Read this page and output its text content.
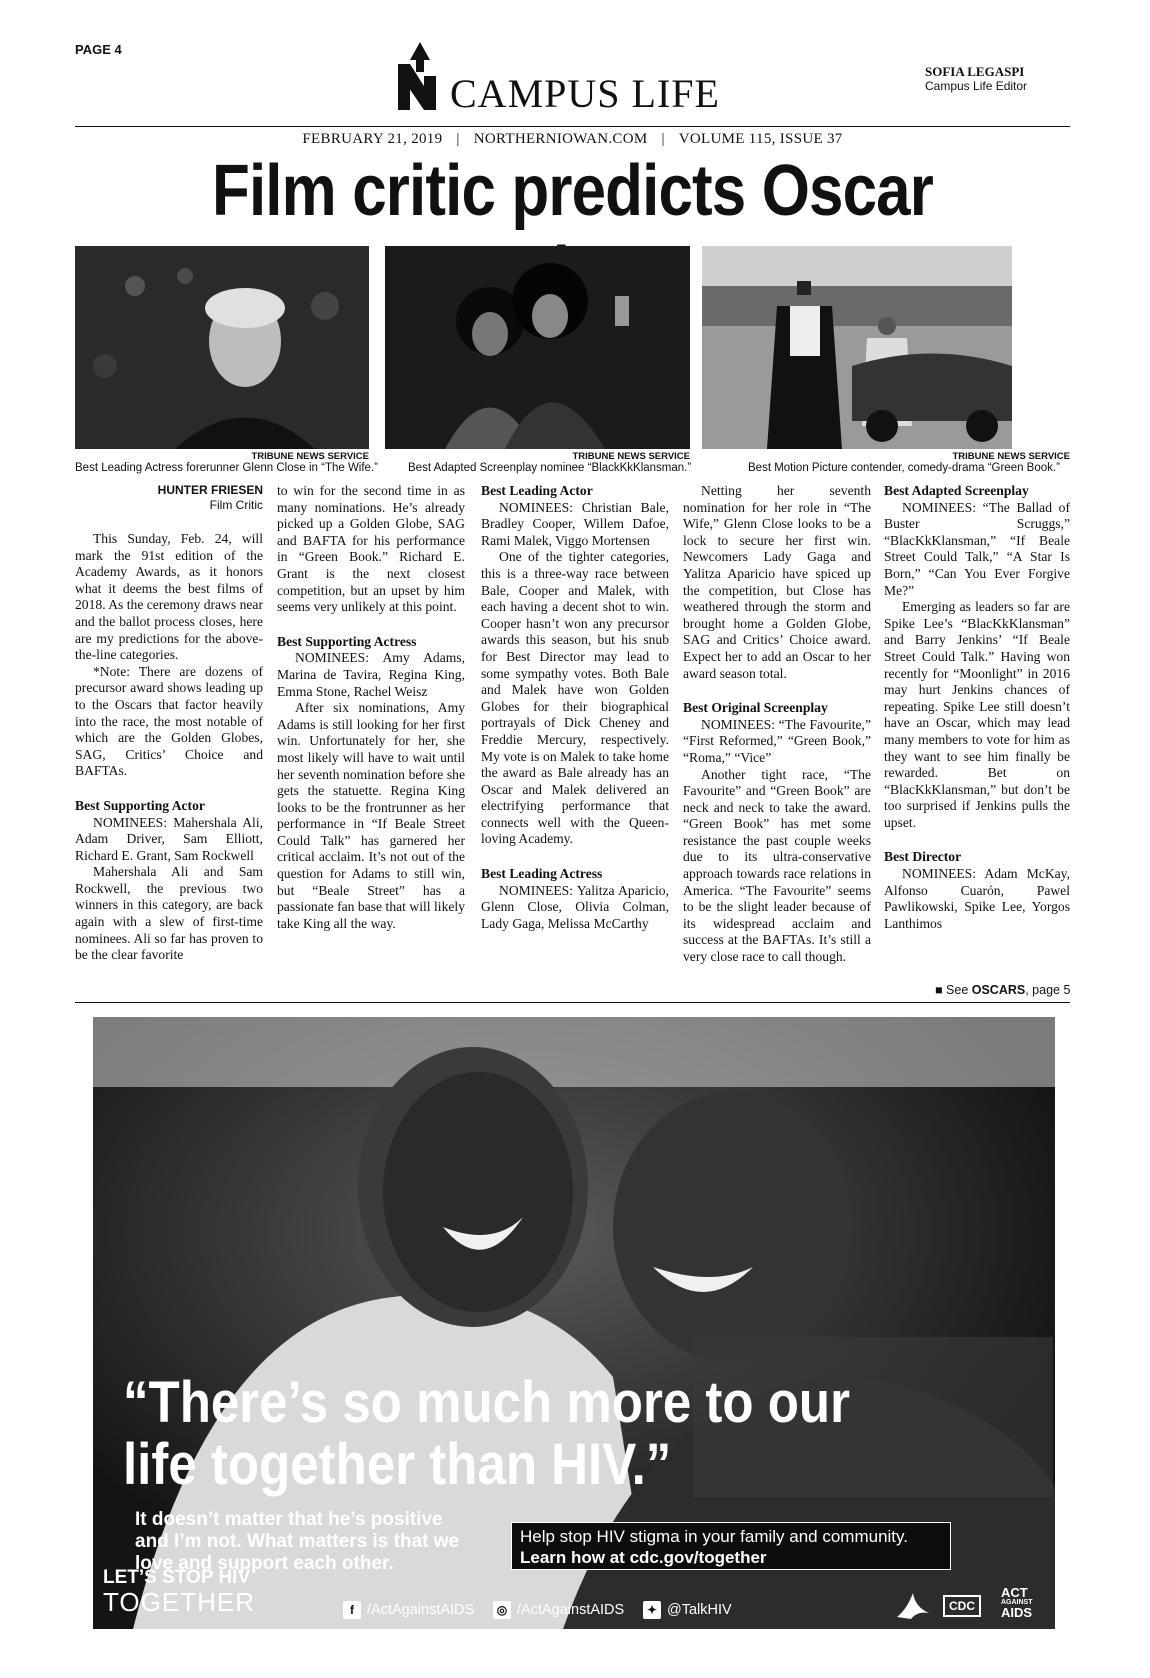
PAGE 4
CAMPUS LIFE	SOFIA LEGASPI
Campus Life Editor
FEBRUARY 21, 2019 | NORTHERNIOWAN.COM | VOLUME 115, ISSUE 37
Film critic predicts Oscar
TRIBUNE NEWS SERVICE	TRIBUNE NEWS SERVICE	TRIBUNE NEWS SERVICE
Best Leading Actress forerunner Glenn Close in “The Wife.”	Best Adapted Screenplay nominee “BlackKkKlansman.”	Best Motion Picture contender, comedy-drama “Green Book.”
HUNTER FRIESEN
Film Critic

This Sunday, Feb. 24, will mark the 91st edition of the Academy Awards, as it honors what it deems the best films of 2018. As the ceremony draws near and the ballot process closes, here are my predictions for the above-the-line categories.

*Note: There are dozens of precursor award shows leading up to the Oscars that factor heavily into the race, the most notable of which are the Golden Globes, SAG, Critics’ Choice and BAFTAs.

Best Supporting Actor

NOMINEES: Mahershala Ali, Adam Driver, Sam Elliott, Richard E. Grant, Sam Rockwell

Mahershala Ali and Sam Rockwell, the previous two winners in this category, are back again with a slew of first-time nominees. Ali so far has proven to be the clear favorite

to win for the second time in as many nominations. He’s already picked up a Golden Globe, SAG and BAFTA for his performance in “Green Book.” Richard E. Grant is the next closest competition, but an upset by him seems very unlikely at this point.

Best Supporting Actress

NOMINEES: Amy Adams, Marina de Tavira, Regina King, Emma Stone, Rachel Weisz

After six nominations, Amy Adams is still looking for her first win. Unfortunately for her, she most likely will have to wait until her seventh nomination before she gets the statuette. Regina King looks to be the frontrunner as her performance in “If Beale Street Could Talk” has garnered her critical acclaim. It’s not out of the question for Adams to still win, but “Beale Street” has a passionate fan base that will likely take King all the way.

Best Leading Actor

NOMINEES: Christian Bale, Bradley Cooper, Willem Dafoe, Rami Malek, Viggo Mortensen

One of the tighter categories, this is a three-way race between Bale, Cooper and Malek, with each having a decent shot to win. Cooper hasn’t won any precursor awards this season, but his snub for Best Director may lead to some sympathy votes. Both Bale and Malek have won Golden Globes for their biographical portrayals of Dick Cheney and Freddie Mercury, respectively. My vote is on Malek to take home the award as Bale already has an Oscar and Malek delivered an electrifying performance that connects well with the Queen-loving Academy.

Best Leading Actress

NOMINEES: Yalitza Aparicio, Glenn Close, Olivia Colman, Lady Gaga, Melissa McCarthy

Netting her seventh nomination for her role in “The Wife,” Glenn Close looks to be a lock to secure her first win. Newcomers Lady Gaga and Yalitza Aparicio have spiced up the competition, but Close has weathered through the storm and brought home a Golden Globe, SAG and Critics’ Choice award. Expect her to add an Oscar to her award season total.

Best Original Screenplay

NOMINEES: “The Favourite,” “First Reformed,” “Green Book,” “Roma,” “Vice”

Another tight race, “The Favourite” and “Green Book” are neck and neck to take the award. “Green Book” has met some resistance the past couple weeks due to its ultra-conservative approach towards race relations in America. “The Favourite” seems to be the slight leader because of its widespread acclaim and success at the BAFTAs. It’s still a very close race to call though.

Best Adapted Screenplay

NOMINEES: “The Ballad of Buster Scruggs,” “BlacKkKlansman,” “If Beale Street Could Talk,” “A Star Is Born,” “Can You Ever Forgive Me?”

Emerging as leaders so far are Spike Lee’s “BlacKkKlansman” and Barry Jenkins’ “If Beale Street Could Talk.” Having won recently for “Moonlight” in 2016 may hurt Jenkins chances of repeating. Spike Lee still doesn’t have an Oscar, which may lead many members to vote for him as they want to see him finally be rewarded. Bet on “BlacKkKlansman,” but don’t be too surprised if Jenkins pulls the upset.

Best Director

NOMINEES: Adam McKay, Alfonso Cuarón, Pawel Pawlikowski, Spike Lee, Yorgos Lanthimos

■ See OSCARS, page 5
“There’s so much more to our
life together than HIV.”
It doesn’t matter that he’s positive and I’m not. What matters is that we love and support each other.
Help stop HIV stigma in your family and community.
Learn how at cdc.gov/together
LET’S STOP HIV
TOGETHER	f /ActAgainstAIDS	◎ /ActAgainstAIDS	✦ @TalkHIV	CDC
ACT
AGAINST
AIDS
